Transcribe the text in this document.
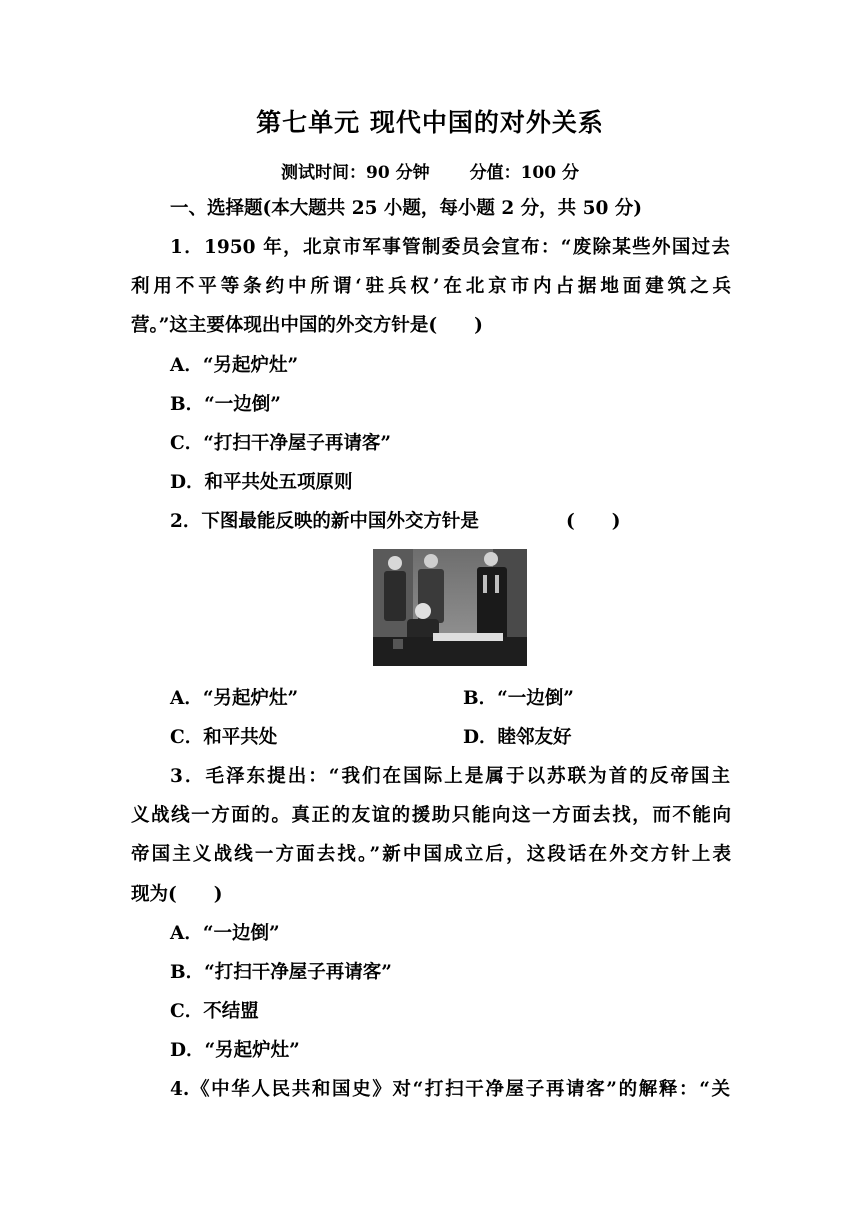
第七单元 现代中国的对外关系
测试时间：90 分钟 分值：100 分
一、选择题(本大题共 25 小题，每小题 2 分，共 50 分)
1．1950 年，北京市军事管制委员会宣布：“废除某些外国过去
利用不平等条约中所谓‘驻兵权’在北京市内占据地面建筑之兵
营。”这主要体现出中国的外交方针是(　　)
A．“另起炉灶”
B．“一边倒”
C．“打扫干净屋子再请客”
D．和平共处五项原则
2．下图最能反映的新中国外交方针是	(　　)
A．“另起炉灶”	B．“一边倒”
C．和平共处	D．睦邻友好
3．毛泽东提出：“我们在国际上是属于以苏联为首的反帝国主
义战线一方面的。真正的友谊的援助只能向这一方面去找，而不能向
帝国主义战线一方面去找。”新中国成立后，这段话在外交方针上表
现为(　　)
A．“一边倒”
B．“打扫干净屋子再请客”
C．不结盟
D．“另起炉灶”
4.《中华人民共和国史》对“打扫干净屋子再请客”的解释：“关
